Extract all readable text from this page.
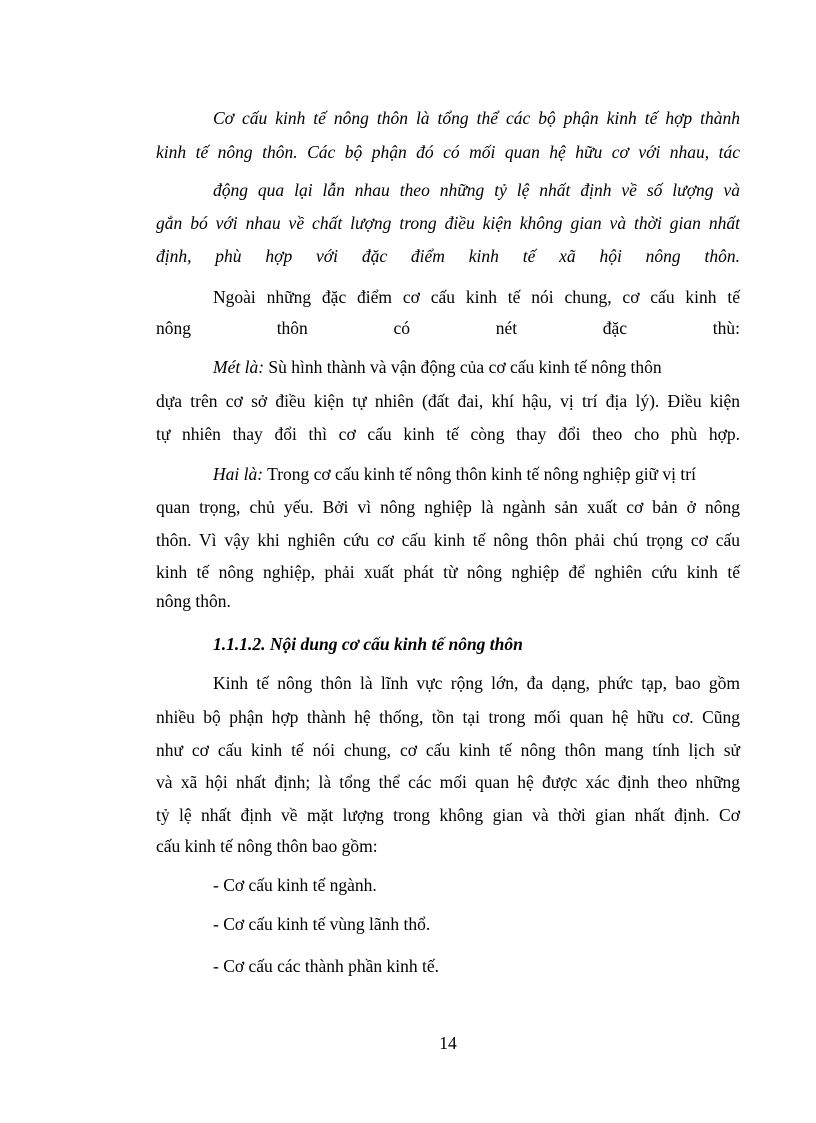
Cơ cấu kinh tế nông thôn là tổng thể các bộ phận kinh tế hợp thành
kinh tế nông thôn. Các bộ phận đó có mối quan hệ hữu cơ với nhau, tác
động qua lại lẫn nhau theo những tỷ lệ nhất định về số lượng và
gắn bó với nhau về chất lượng trong điều kiện không gian và thời gian nhất
định, phù hợp với đặc điểm kinh tế xã hội nông thôn.
Ngoài những đặc điểm cơ cấu kinh tế nói chung, cơ cấu kinh tế
nông thôn có nét đặc thù:
Mét là: Sù hình thành và vận động của cơ cấu kinh tế nông thôn
dựa trên cơ sở điều kiện tự nhiên (đất đai, khí hậu, vị trí địa lý). Điều kiện
tự nhiên thay đổi thì cơ cấu kinh tế còng thay đổi theo cho phù hợp.
Hai là: Trong cơ cấu kinh tế nông thôn kinh tế nông nghiệp giữ vị trí
quan trọng, chủ yếu. Bởi vì nông nghiệp là ngành sản xuất cơ bản ở nông
thôn. Vì vậy khi nghiên cứu cơ cấu kinh tế nông thôn phải chú trọng cơ cấu
kinh tế nông nghiệp, phải xuất phát từ nông nghiệp để nghiên cứu kinh tế
nông thôn.
1.1.1.2. Nội dung cơ cấu kinh tế nông thôn
Kinh tế nông thôn là lĩnh vực rộng lớn, đa dạng, phức tạp, bao gồm
nhiều bộ phận hợp thành hệ thống, tồn tại trong mối quan hệ hữu cơ. Cũng
như cơ cấu kinh tế nói chung, cơ cấu kinh tế nông thôn mang tính lịch sử
và xã hội nhất định; là tổng thể các mối quan hệ được xác định theo những
tỷ lệ nhất định về mặt lượng trong không gian và thời gian nhất định. Cơ
cấu kinh tế nông thôn bao gồm:
- Cơ cấu kinh tế ngành.
- Cơ cấu kinh tế vùng lãnh thổ.
- Cơ cấu các thành phần kinh tế.
14
